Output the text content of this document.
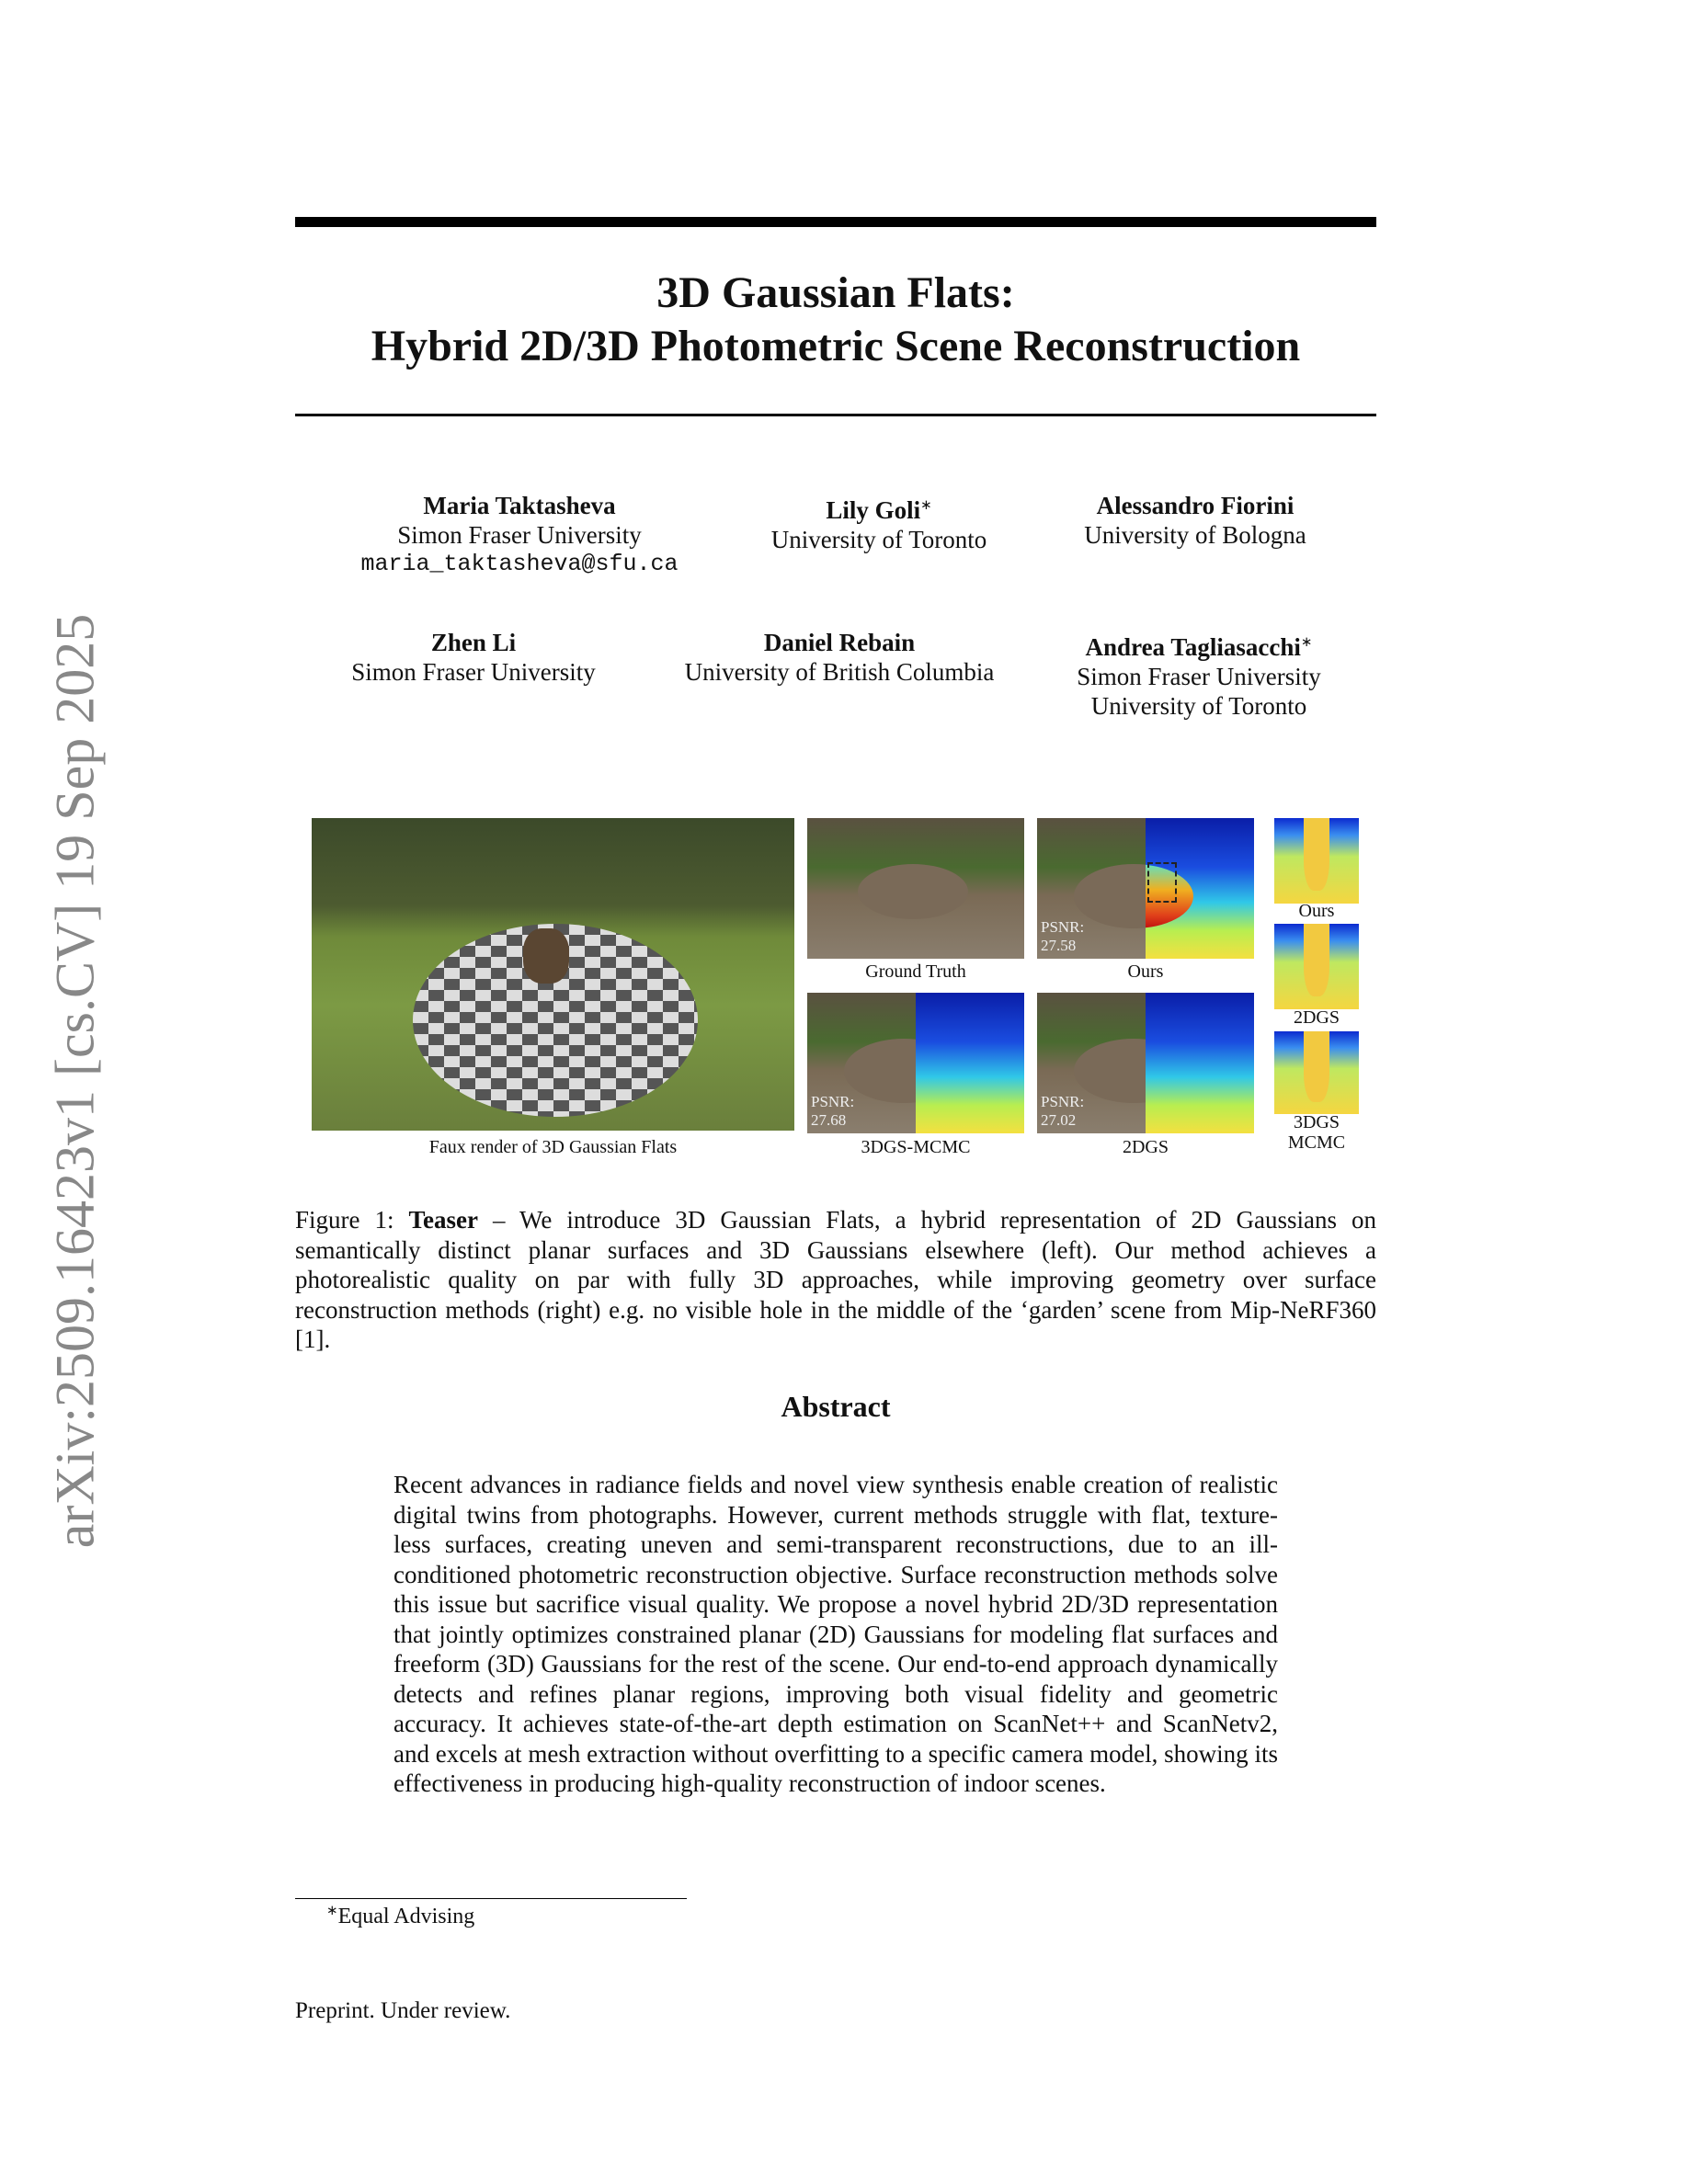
arXiv:2509.16423v1 [cs.CV] 19 Sep 2025
3D Gaussian Flats:
Hybrid 2D/3D Photometric Scene Reconstruction
Maria Taktasheva
Simon Fraser University
maria_taktasheva@sfu.ca
Lily Goli∗
University of Toronto
Alessandro Fiorini
University of Bologna
Zhen Li
Simon Fraser University
Daniel Rebain
University of British Columbia
Andrea Tagliasacchi∗
Simon Fraser University
University of Toronto
Faux render of 3D Gaussian Flats
Ground Truth
PSNR:
27.58
Ours
PSNR:
27.68
3DGS-MCMC
PSNR:
27.02
2DGS
Ours
2DGS
3DGS
MCMC
Figure 1: Teaser – We introduce 3D Gaussian Flats, a hybrid representation of 2D Gaussians on semantically distinct planar surfaces and 3D Gaussians elsewhere (left). Our method achieves a photorealistic quality on par with fully 3D approaches, while improving geometry over surface reconstruction methods (right) e.g. no visible hole in the middle of the ‘garden’ scene from Mip-NeRF360 [1].
Abstract
Recent advances in radiance fields and novel view synthesis enable creation of realistic digital twins from photographs. However, current methods struggle with flat, texture-less surfaces, creating uneven and semi-transparent reconstructions, due to an ill-conditioned photometric reconstruction objective. Surface reconstruction methods solve this issue but sacrifice visual quality. We propose a novel hybrid 2D/3D representation that jointly optimizes constrained planar (2D) Gaussians for modeling flat surfaces and freeform (3D) Gaussians for the rest of the scene. Our end-to-end approach dynamically detects and refines planar regions, improving both visual fidelity and geometric accuracy. It achieves state-of-the-art depth estimation on ScanNet++ and ScanNetv2, and excels at mesh extraction without overfitting to a specific camera model, showing its effectiveness in producing high-quality reconstruction of indoor scenes.
∗Equal Advising
Preprint. Under review.
